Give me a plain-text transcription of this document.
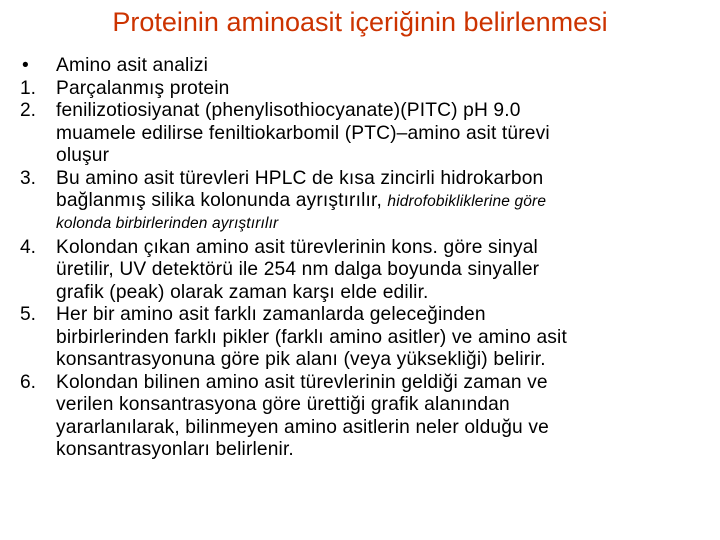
Proteinin aminoasit içeriğinin belirlenmesi
•	Amino asit analizi
1.	Parçalanmış protein
2.	fenilizotiosiyanat (phenylisothiocyanate)(PITC) pH 9.0
muamele edilirse feniltiokarbomil (PTC)–amino asit türevi
oluşur
3.	Bu amino asit türevleri HPLC de kısa zincirli hidrokarbon
bağlanmış silika kolonunda ayrıştırılır, hidrofobikliklerine göre
kolonda birbirlerinden ayrıştırılır
4.	Kolondan çıkan amino asit türevlerinin kons. göre sinyal
üretilir, UV detektörü ile 254 nm dalga boyunda sinyaller
grafik (peak) olarak zaman karşı elde edilir.
5.	Her bir amino asit farklı zamanlarda geleceğinden
birbirlerinden farklı pikler (farklı amino asitler) ve amino asit
konsantrasyonuna göre pik alanı (veya yüksekliği) belirir.
6.	Kolondan bilinen amino asit türevlerinin geldiği zaman ve
verilen konsantrasyona göre ürettiği grafik alanından
yararlanılarak, bilinmeyen amino asitlerin neler olduğu ve
konsantrasyonları belirlenir.
